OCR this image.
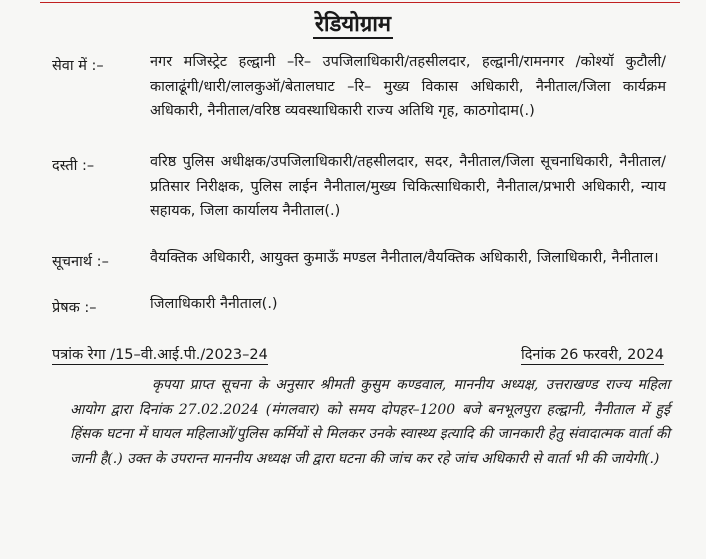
रेडियोग्राम
सेवा में :–	नगर मजिस्ट्रेट हल्द्वानी –रि– उपजिलाधिकारी/तहसीलदार, हल्द्वानी/रामनगर /कोश्यॉ कुटौली/कालाढूंगी/धारी/लालकुऑ/बेतालघाट –रि– मुख्य विकास अधिकारी, नैनीताल/जिला कार्यक्रम अधिकारी, नैनीताल/वरिष्ठ व्यवस्थाधिकारी राज्य अतिथि गृह, काठगोदाम(.)
दस्ती :–	वरिष्ठ पुलिस अधीक्षक/उपजिलाधिकारी/तहसीलदार, सदर, नैनीताल/जिला सूचनाधिकारी, नैनीताल/प्रतिसार निरीक्षक, पुलिस लाईन नैनीताल/मुख्य चिकित्साधिकारी, नैनीताल/प्रभारी अधिकारी, न्याय सहायक, जिला कार्यालय नैनीताल(.)
सूचनार्थ :–	वैयक्तिक अधिकारी, आयुक्त कुमाऊँ मण्डल नैनीताल/वैयक्तिक अधिकारी, जिलाधिकारी, नैनीताल।
प्रेषक :–	जिलाधिकारी नैनीताल(.)
पत्रांक रेगा /15–वी.आई.पी./2023–24	दिनांक 26 फरवरी, 2024
कृपया प्राप्त सूचना के अनुसार श्रीमती कुसुम कण्डवाल, माननीय अध्यक्ष, उत्तराखण्ड राज्य महिला आयोग द्वारा दिनांक 27.02.2024 (मंगलवार) को समय दोपहर–1200 बजे बनभूलपुरा हल्द्वानी, नैनीताल में हुई हिंसक घटना में घायल महिलाओं/पुलिस कर्मियों से मिलकर उनके स्वास्थ्य इत्यादि की जानकारी हेतु संवादात्मक वार्ता की जानी है(.) उक्त के उपरान्त माननीय अध्यक्ष जी द्वारा घटना की जांच कर रहे जांच अधिकारी से वार्ता भी की जायेगी(.)
